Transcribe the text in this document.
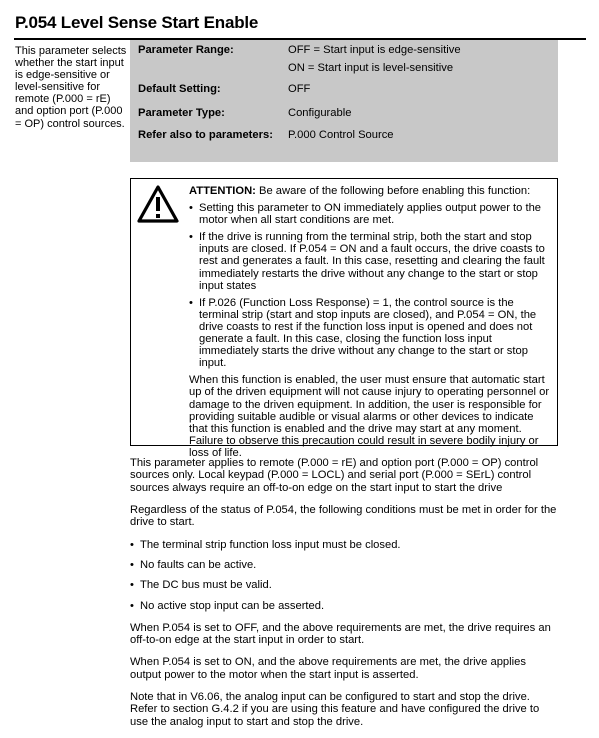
P.054 Level Sense Start Enable
This parameter selects whether the start input is edge-sensitive or level-sensitive for remote (P.000 = rE) and option port (P.000 = OP) control sources.
Parameter Range:	OFF = Start input is edge-sensitive
ON = Start input is level-sensitive
Default Setting:	OFF
Parameter Type:	Configurable
Refer also to parameters:	P.000 Control Source
ATTENTION: Be aware of the following before enabling this function:
• Setting this parameter to ON immediately applies output power to the motor when all start conditions are met.
• If the drive is running from the terminal strip, both the start and stop inputs are closed. If P.054 = ON and a fault occurs, the drive coasts to rest and generates a fault. In this case, resetting and clearing the fault immediately restarts the drive without any change to the start or stop input states
• If P.026 (Function Loss Response) = 1, the control source is the terminal strip (start and stop inputs are closed), and P.054 = ON, the drive coasts to rest if the function loss input is opened and does not generate a fault. In this case, closing the function loss input immediately starts the drive without any change to the start or stop input.
When this function is enabled, the user must ensure that automatic start up of the driven equipment will not cause injury to operating personnel or damage to the driven equipment. In addition, the user is responsible for providing suitable audible or visual alarms or other devices to indicate that this function is enabled and the drive may start at any moment. Failure to observe this precaution could result in severe bodily injury or loss of life.

This parameter applies to remote (P.000 = rE) and option port (P.000 = OP) control sources only. Local keypad (P.000 = LOCL) and serial port (P.000 = SErL) control sources always require an off-to-on edge on the start input to start the drive

Regardless of the status of P.054, the following conditions must be met in order for the drive to start.

• The terminal strip function loss input must be closed.
• No faults can be active.
• The DC bus must be valid.
• No active stop input can be asserted.

When P.054 is set to OFF, and the above requirements are met, the drive requires an off-to-on edge at the start input in order to start.

When P.054 is set to ON, and the above requirements are met, the drive applies output power to the motor when the start input is asserted.

Note that in V6.06, the analog input can be configured to start and stop the drive. Refer to section G.4.2 if you are using this feature and have configured the drive to use the analog input to start and stop the drive.
